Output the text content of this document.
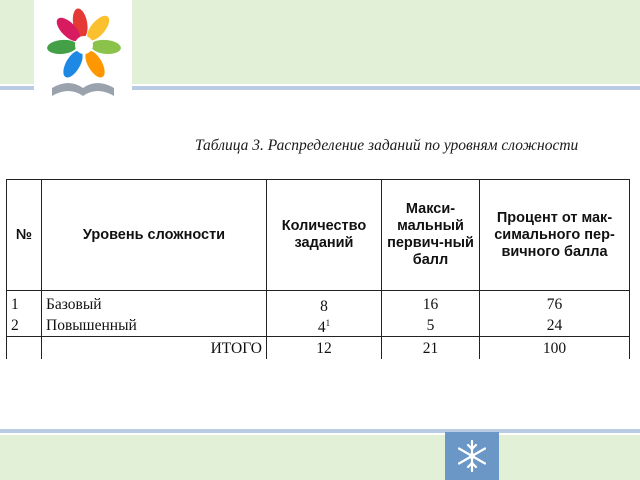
Таблица 3. Распределение заданий по уровням сложности
№	Уровень сложности	Количество заданий	Макси-мальный первич-ный балл	Процент от мак-симального пер-вичного балла
1	Базовый	8	16	76
2	Повышенный	$4^1$	5	24
	ИТОГО	12	21	100
